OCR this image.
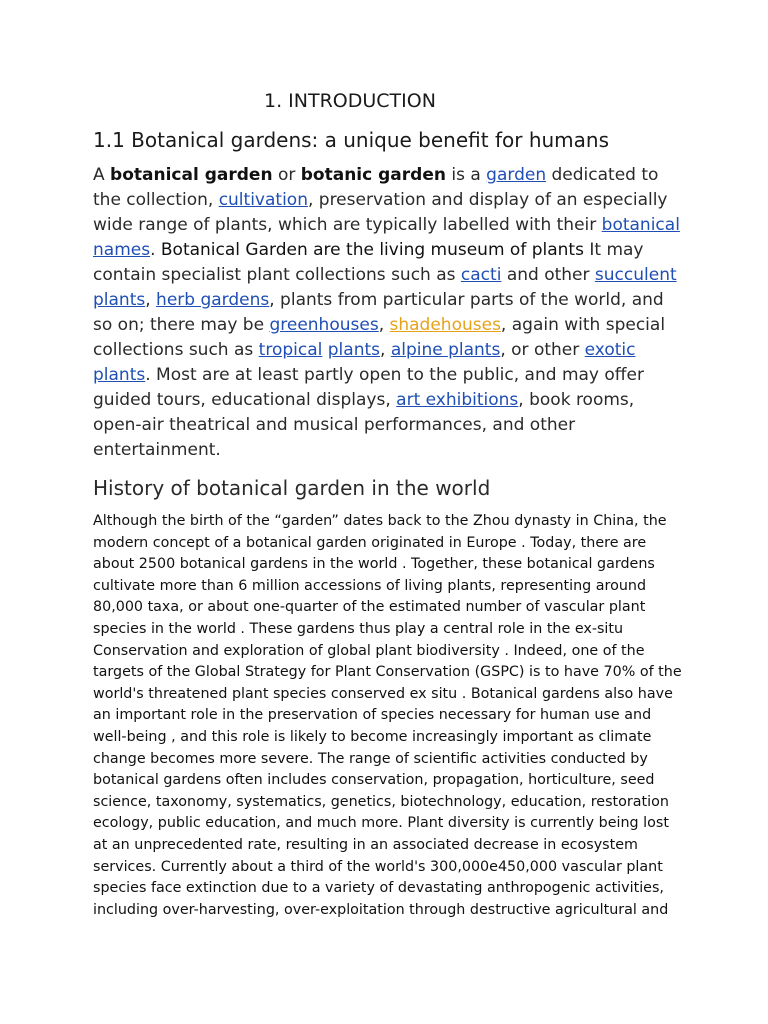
1. INTRODUCTION
1.1 Botanical gardens: a unique benefit for humans

A botanical garden or botanic garden is a garden dedicated to the collection, cultivation, preservation and display of an especially wide range of plants, which are typically labelled with their botanical names. Botanical Garden are the living museum of plants It may contain specialist plant collections such as cacti and other succulent plants, herb gardens, plants from particular parts of the world, and so on; there may be greenhouses, shadehouses, again with special collections such as tropical plants, alpine plants, or other exotic plants. Most are at least partly open to the public, and may offer guided tours, educational displays, art exhibitions, book rooms, open-air theatrical and musical performances, and other entertainment.

History of botanical garden in the world

Although the birth of the “garden” dates back to the Zhou dynasty in China, the modern concept of a botanical garden originated in Europe . Today, there are about 2500 botanical gardens in the world . Together, these botanical gardens cultivate more than 6 million accessions of living plants, representing around 80,000 taxa, or about one-quarter of the estimated number of vascular plant species in the world . These gardens thus play a central role in the ex-situ Conservation and exploration of global plant biodiversity . Indeed, one of the targets of the Global Strategy for Plant Conservation (GSPC) is to have 70% of the world's threatened plant species conserved ex situ . Botanical gardens also have an important role in the preservation of species necessary for human use and well-being , and this role is likely to become increasingly important as climate change becomes more severe. The range of scientific activities conducted by botanical gardens often includes conservation, propagation, horticulture, seed science, taxonomy, systematics, genetics, biotechnology, education, restoration ecology, public education, and much more. Plant diversity is currently being lost at an unprecedented rate, resulting in an associated decrease in ecosystem services. Currently about a third of the world's 300,000e450,000 vascular plant species face extinction due to a variety of devastating anthropogenic activities, including over-harvesting, over-exploitation through destructive agricultural and
